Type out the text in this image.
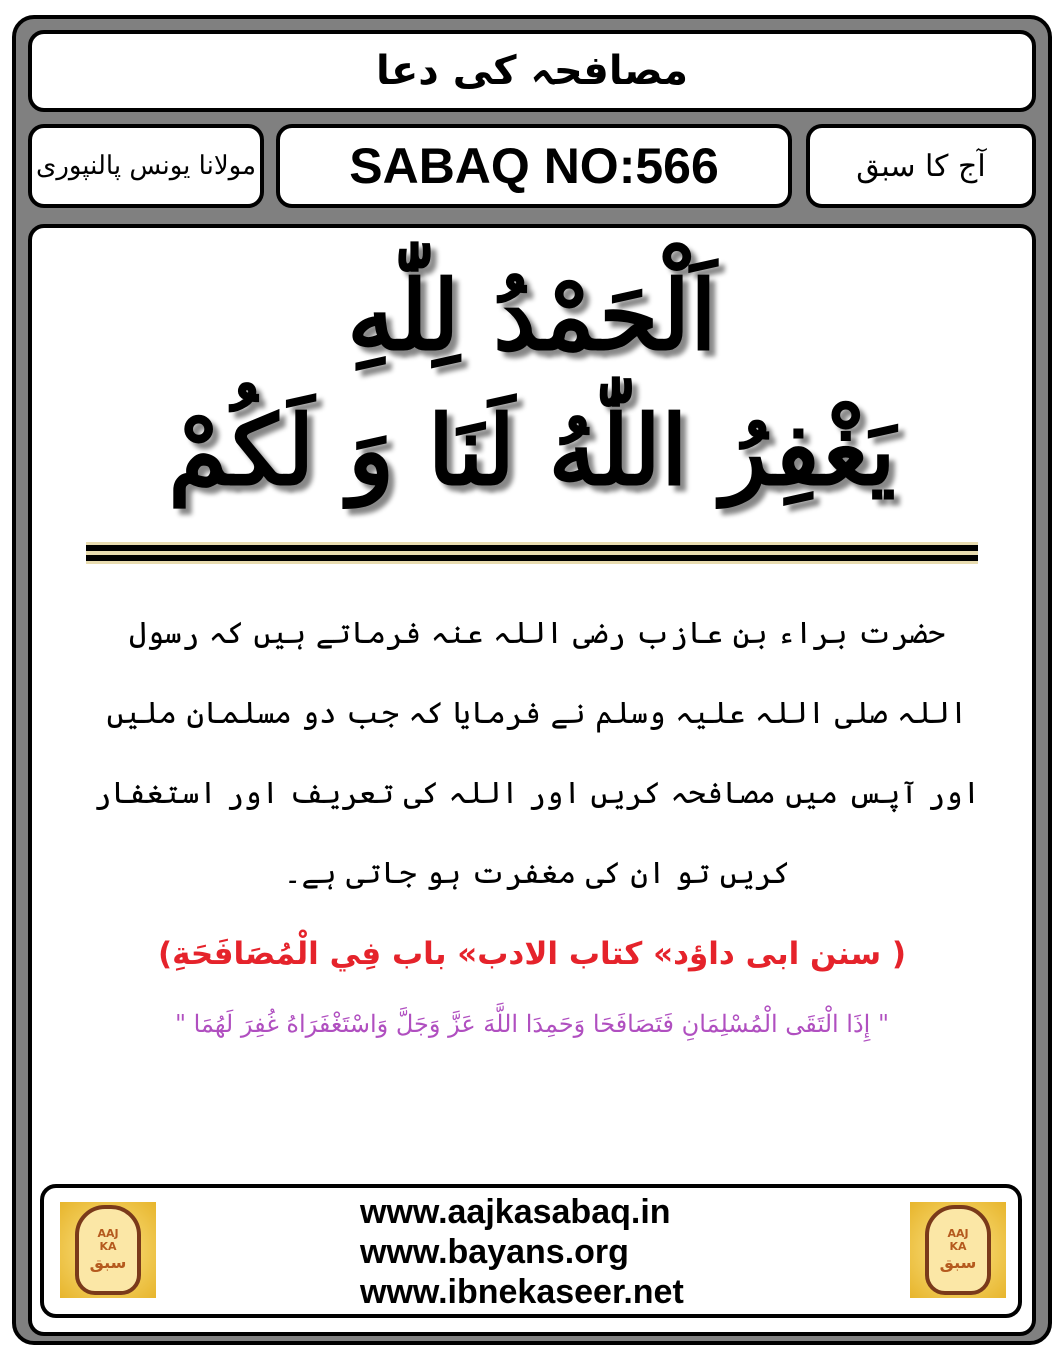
مصافحہ کی دعا
مولانا یونس پالنپوری	SABAQ NO:566	آج کا سبق
اَلْحَمْدُ لِلّٰهِ
يَغْفِرُ اللّٰهُ لَنَا وَ لَكُمْ
حضرت براء بن عازب رضی اللہ عنہ فرماتے ہیں کہ رسول اللہ صلی اللہ علیہ وسلم نے فرمایا کہ جب دو مسلمان ملیں اور آپس میں مصافحہ کریں اور اللہ کی تعریف اور استغفار کریں تو ان کی مغفرت ہو جاتی ہے۔
( سنن ابی داؤد» کتاب الادب» باب فِي الْمُصَافَحَةِ)
" إِذَا الْتَقَى الْمُسْلِمَانِ فَتَصَافَحَا وَحَمِدَا اللَّهَ عَزَّ وَجَلَّ وَاسْتَغْفَرَاهُ غُفِرَ لَهُمَا "
AAJ
KA
سبق
www.aajkasabaq.in
www.bayans.org
www.ibnekaseer.net
AAJ
KA
سبق
